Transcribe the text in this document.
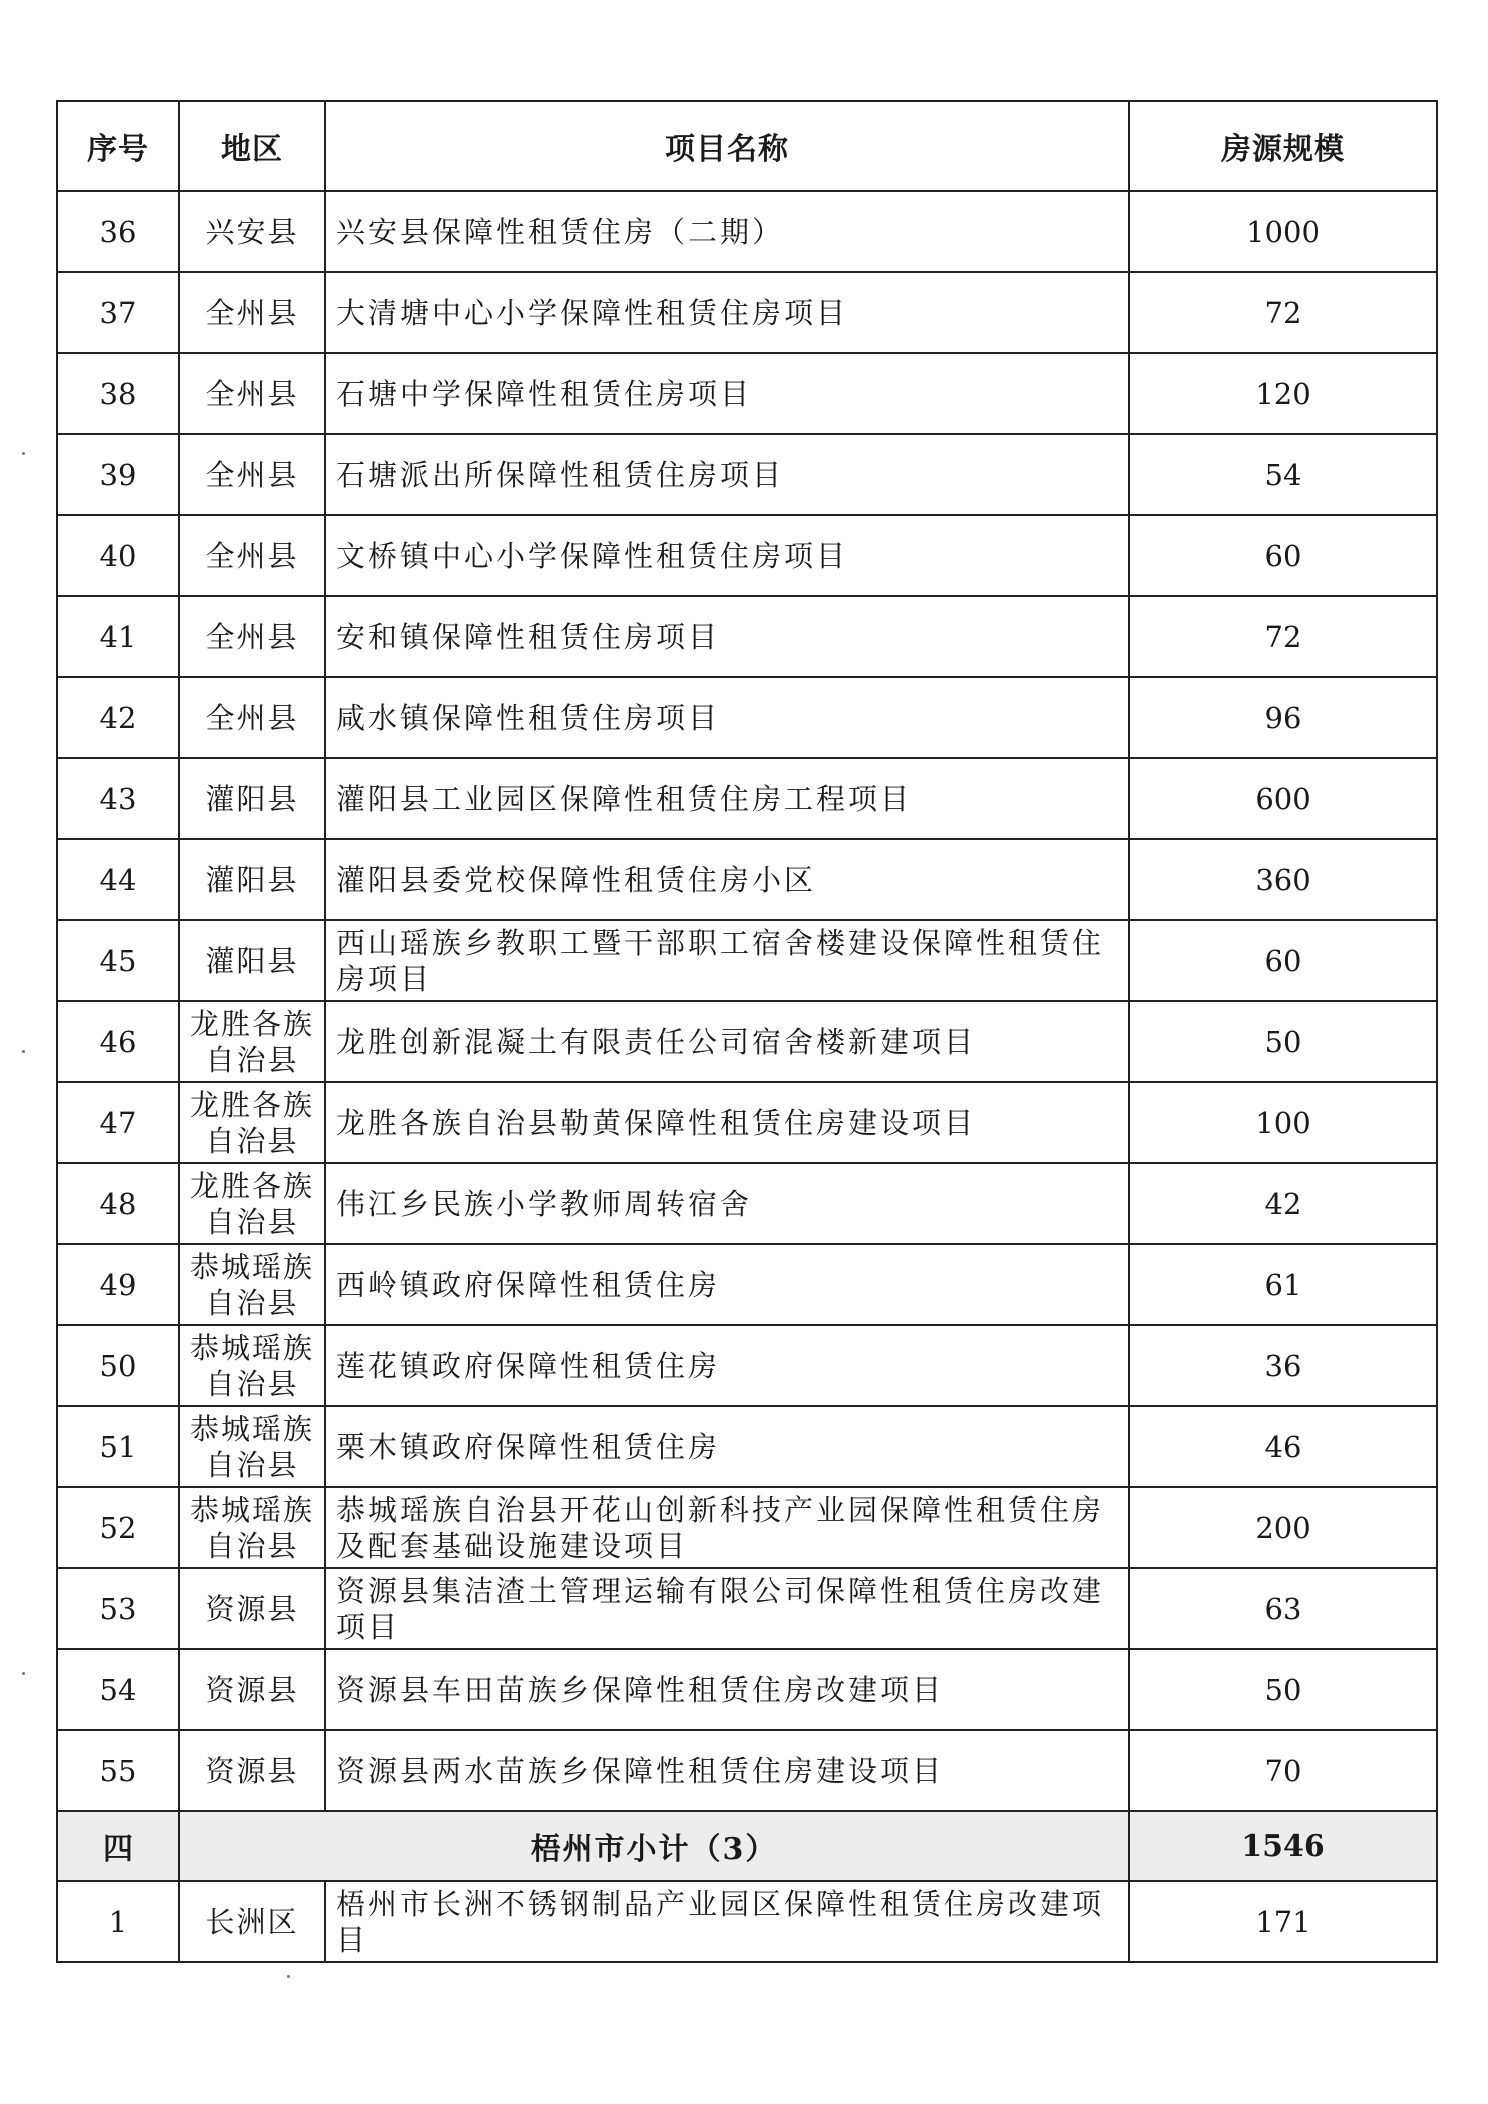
序号	地区	项目名称	房源规模
36	兴安县	兴安县保障性租赁住房（二期）	1000
37	全州县	大清塘中心小学保障性租赁住房项目	72
38	全州县	石塘中学保障性租赁住房项目	120
39	全州县	石塘派出所保障性租赁住房项目	54
40	全州县	文桥镇中心小学保障性租赁住房项目	60
41	全州县	安和镇保障性租赁住房项目	72
42	全州县	咸水镇保障性租赁住房项目	96
43	灌阳县	灌阳县工业园区保障性租赁住房工程项目	600
44	灌阳县	灌阳县委党校保障性租赁住房小区	360
45	灌阳县	西山瑶族乡教职工暨干部职工宿舍楼建设保障性租赁住房项目	60
46	龙胜各族自治县	龙胜创新混凝土有限责任公司宿舍楼新建项目	50
47	龙胜各族自治县	龙胜各族自治县勒黄保障性租赁住房建设项目	100
48	龙胜各族自治县	伟江乡民族小学教师周转宿舍	42
49	恭城瑶族自治县	西岭镇政府保障性租赁住房	61
50	恭城瑶族自治县	莲花镇政府保障性租赁住房	36
51	恭城瑶族自治县	栗木镇政府保障性租赁住房	46
52	恭城瑶族自治县	恭城瑶族自治县开花山创新科技产业园保障性租赁住房及配套基础设施建设项目	200
53	资源县	资源县集洁渣土管理运输有限公司保障性租赁住房改建项目	63
54	资源县	资源县车田苗族乡保障性租赁住房改建项目	50
55	资源县	资源县两水苗族乡保障性租赁住房建设项目	70
四	梧州市小计（3）		1546
1	长洲区	梧州市长洲不锈钢制品产业园区保障性租赁住房改建项目	171
